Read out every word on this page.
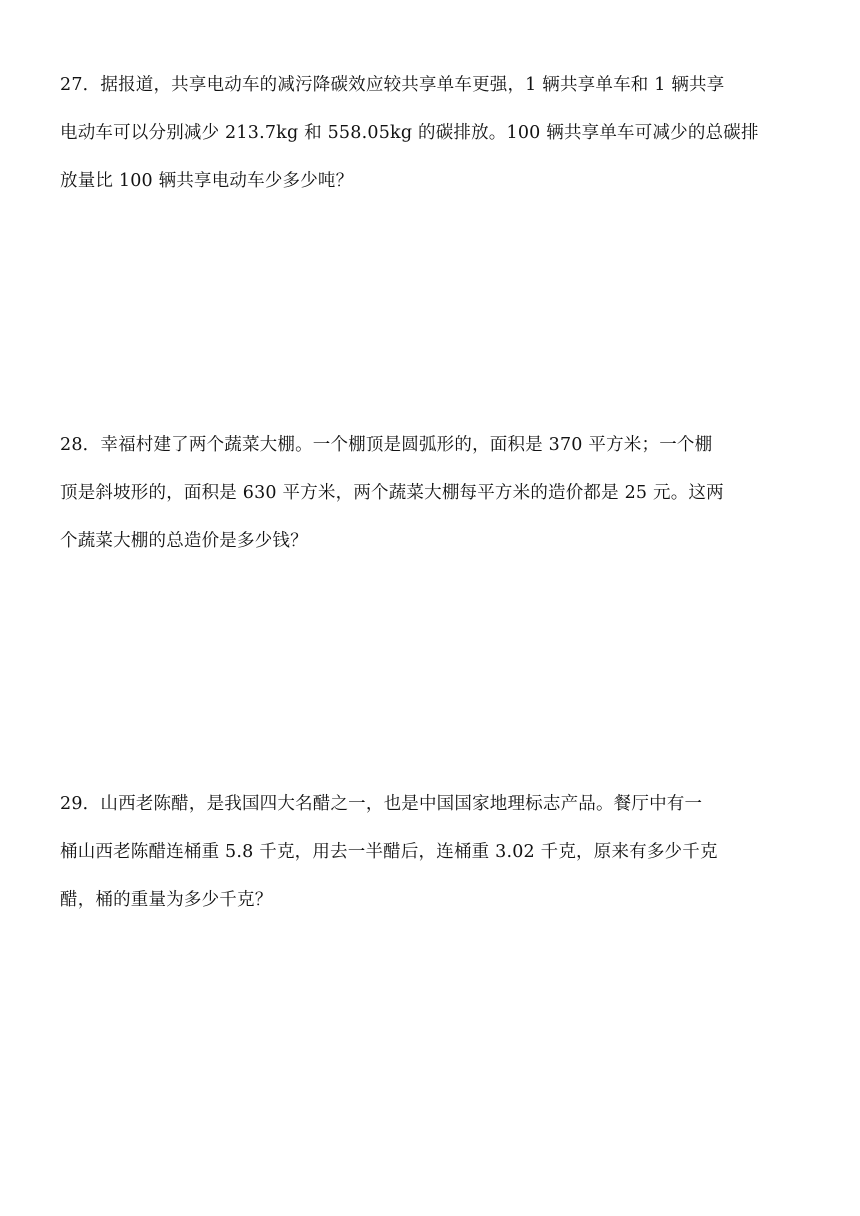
27．据报道，共享电动车的减污降碳效应较共享单车更强，1 辆共享单车和 1 辆共享
电动车可以分别减少 213.7kg 和 558.05kg 的碳排放。100 辆共享单车可减少的总碳排
放量比 100 辆共享电动车少多少吨？
28．幸福村建了两个蔬菜大棚。一个棚顶是圆弧形的，面积是 370 平方米；一个棚
顶是斜坡形的，面积是 630 平方米，两个蔬菜大棚每平方米的造价都是 25 元。这两
个蔬菜大棚的总造价是多少钱？
29．山西老陈醋，是我国四大名醋之一，也是中国国家地理标志产品。餐厅中有一
桶山西老陈醋连桶重 5.8 千克，用去一半醋后，连桶重 3.02 千克，原来有多少千克
醋，桶的重量为多少千克？
